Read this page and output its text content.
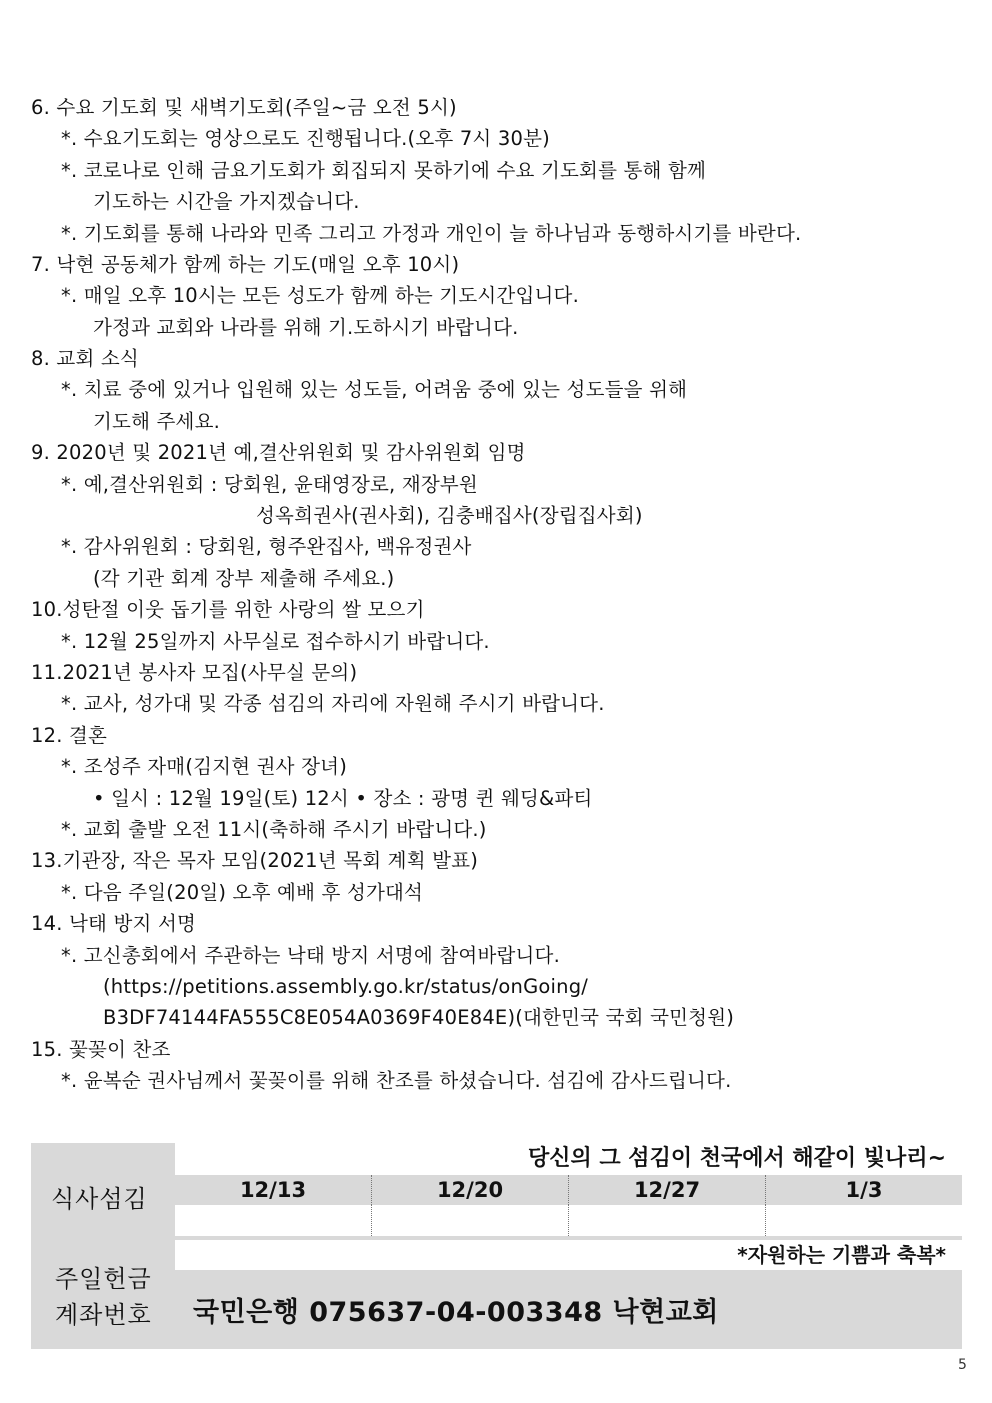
6. 수요 기도회 및 새벽기도회(주일~금 오전 5시)
*. 수요기도회는 영상으로도 진행됩니다.(오후 7시 30분)
*. 코로나로 인해 금요기도회가 회집되지 못하기에 수요 기도회를 통해 함께
기도하는 시간을 가지겠습니다.
*. 기도회를 통해 나라와 민족 그리고 가정과 개인이 늘 하나님과 동행하시기를 바란다.
7. 낙현 공동체가 함께 하는 기도(매일 오후 10시)
*. 매일 오후 10시는 모든 성도가 함께 하는 기도시간입니다.
가정과 교회와 나라를 위해 기.도하시기 바랍니다.
8. 교회 소식
*. 치료 중에 있거나 입원해 있는 성도들, 어려움 중에 있는 성도들을 위해
기도해 주세요.
9. 2020년 및 2021년 예,결산위원회 및 감사위원회 임명
*. 예,결산위원회 : 당회원, 윤태영장로, 재장부원
성옥희권사(권사회), 김충배집사(장립집사회)
*. 감사위원회 : 당회원, 형주완집사, 백유정권사
(각 기관 회계 장부 제출해 주세요.)
10.성탄절 이웃 돕기를 위한 사랑의 쌀 모으기
*. 12월 25일까지 사무실로 접수하시기 바랍니다.
11.2021년 봉사자 모집(사무실 문의)
*. 교사, 성가대 및 각종 섬김의 자리에 자원해 주시기 바랍니다.
12. 결혼
*. 조성주 자매(김지현 권사 장녀)
• 일시 : 12월 19일(토) 12시 • 장소 : 광명 퀸 웨딩&파티
*. 교회 출발 오전 11시(축하해 주시기 바랍니다.)
13.기관장, 작은 목자 모임(2021년 목회 계획 발표)
*. 다음 주일(20일) 오후 예배 후 성가대석
14. 낙태 방지 서명
*. 고신총회에서 주관하는 낙태 방지 서명에 참여바랍니다.
(https://petitions.assembly.go.kr/status/onGoing/
B3DF74144FA555C8E054A0369F40E84E)(대한민국 국회 국민청원)
15. 꽃꽂이 찬조
*. 윤복순 권사님께서 꽃꽂이를 위해 찬조를 하셨습니다. 섬김에 감사드립니다.
당신의 그 섬김이 천국에서 해같이 빛나리~
식사섬김	12/13	12/20	12/27	1/3
*자원하는 기쁨과 축복*
주일헌금
계좌번호 국민은행 075637-04-003348 낙현교회
5
